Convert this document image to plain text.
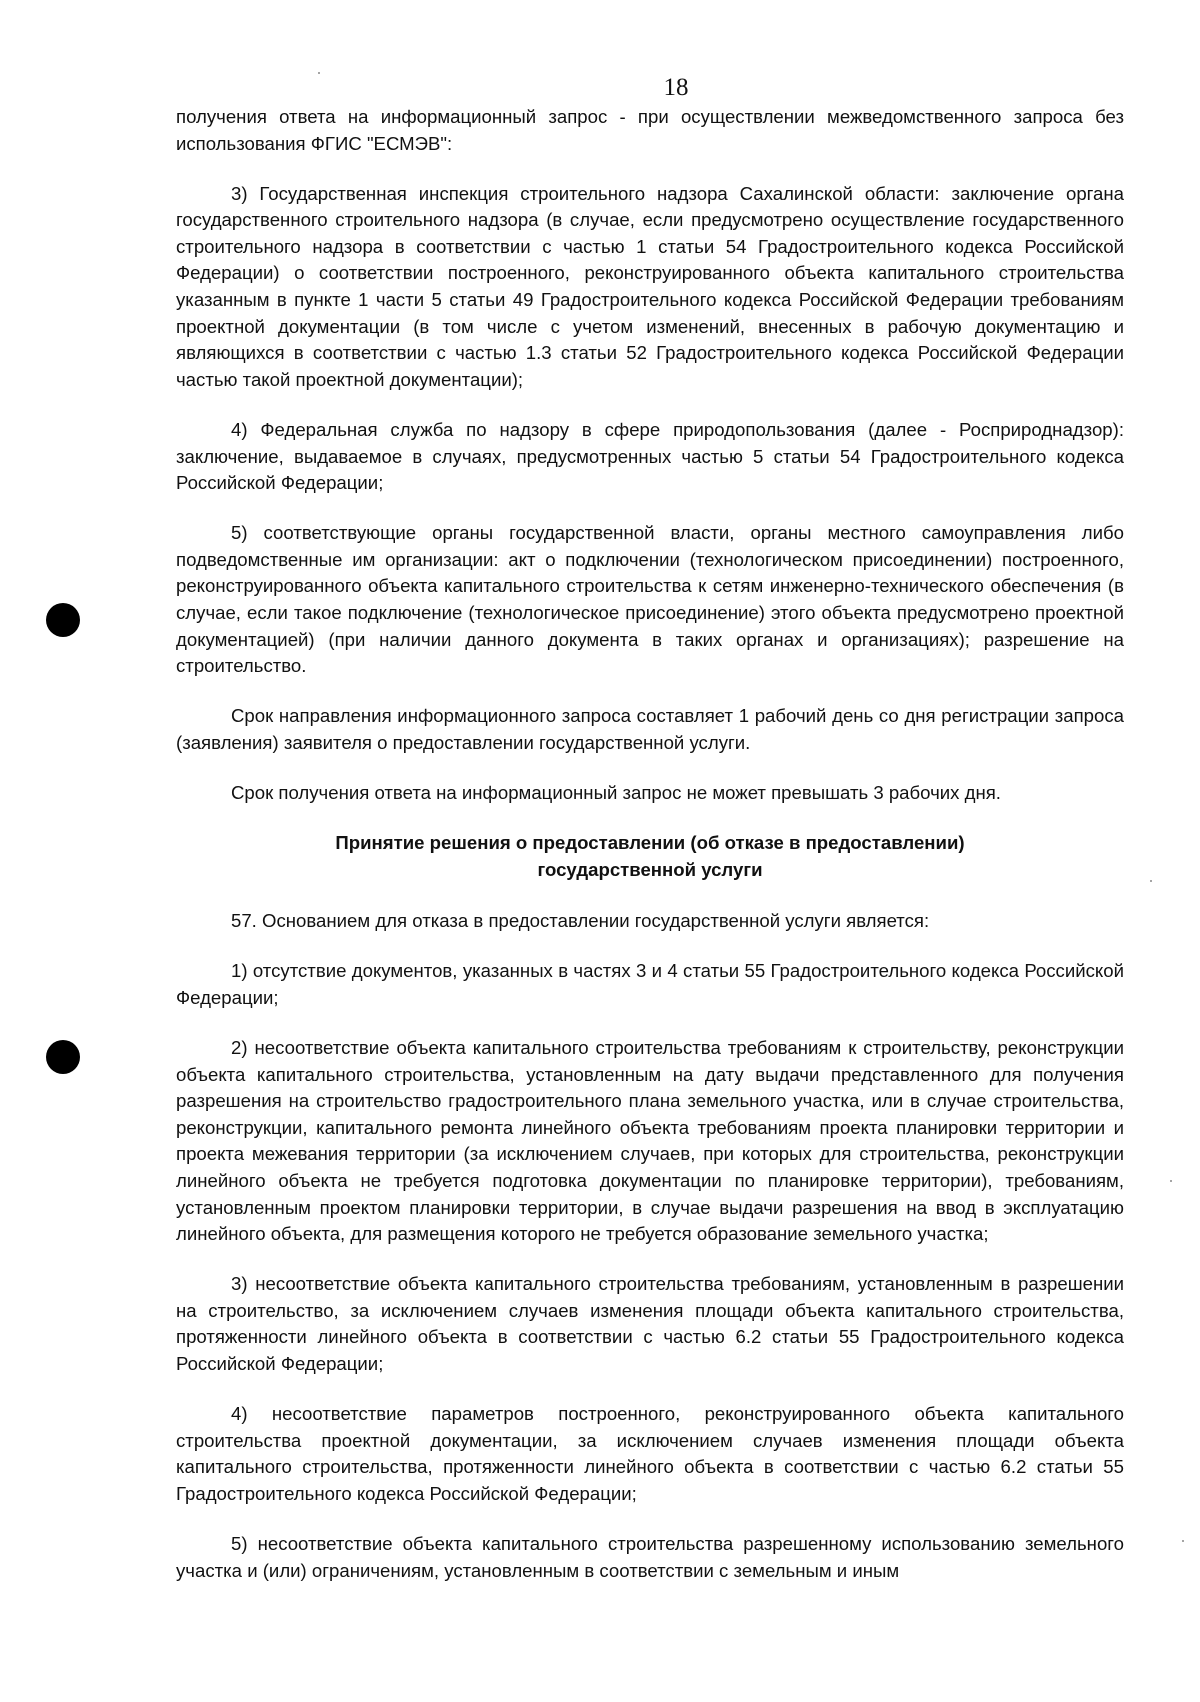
18

получения ответа на информационный запрос - при осуществлении межведомственного запроса без использования ФГИС "ЕСМЭВ":

3) Государственная инспекция строительного надзора Сахалинской области: заключение органа государственного строительного надзора (в случае, если предусмотрено осуществление государственного строительного надзора в соответствии с частью 1 статьи 54 Градостроительного кодекса Российской Федерации) о соответствии построенного, реконструированного объекта капитального строительства указанным в пункте 1 части 5 статьи 49 Градостроительного кодекса Российской Федерации требованиям проектной документации (в том числе с учетом изменений, внесенных в рабочую документацию и являющихся в соответствии с частью 1.3 статьи 52 Градостроительного кодекса Российской Федерации частью такой проектной документации);

4) Федеральная служба по надзору в сфере природопользования (далее - Росприроднадзор): заключение, выдаваемое в случаях, предусмотренных частью 5 статьи 54 Градостроительного кодекса Российской Федерации;

5) соответствующие органы государственной власти, органы местного самоуправления либо подведомственные им организации: акт о подключении (технологическом присоединении) построенного, реконструированного объекта капитального строительства к сетям инженерно-технического обеспечения (в случае, если такое подключение (технологическое присоединение) этого объекта предусмотрено проектной документацией) (при наличии данного документа в таких органах и организациях); разрешение на строительство.

Срок направления информационного запроса составляет 1 рабочий день со дня регистрации запроса (заявления) заявителя о предоставлении государственной услуги.

Срок получения ответа на информационный запрос не может превышать 3 рабочих дня.

Принятие решения о предоставлении (об отказе в предоставлении)
государственной услуги

57. Основанием для отказа в предоставлении государственной услуги является:

1) отсутствие документов, указанных в частях 3 и 4 статьи 55 Градостроительного кодекса Российской Федерации;

2) несоответствие объекта капитального строительства требованиям к строительству, реконструкции объекта капитального строительства, установленным на дату выдачи представленного для получения разрешения на строительство градостроительного плана земельного участка, или в случае строительства, реконструкции, капитального ремонта линейного объекта требованиям проекта планировки территории и проекта межевания территории (за исключением случаев, при которых для строительства, реконструкции линейного объекта не требуется подготовка документации по планировке территории), требованиям, установленным проектом планировки территории, в случае выдачи разрешения на ввод в эксплуатацию линейного объекта, для размещения которого не требуется образование земельного участка;

3) несоответствие объекта капитального строительства требованиям, установленным в разрешении на строительство, за исключением случаев изменения площади объекта капитального строительства, протяженности линейного объекта в соответствии с частью 6.2 статьи 55 Градостроительного кодекса Российской Федерации;

4) несоответствие параметров построенного, реконструированного объекта капитального строительства проектной документации, за исключением случаев изменения площади объекта капитального строительства, протяженности линейного объекта в соответствии с частью 6.2 статьи 55 Градостроительного кодекса Российской Федерации;

5) несоответствие объекта капитального строительства разрешенному использованию земельного участка и (или) ограничениям, установленным в соответствии с земельным и иным
